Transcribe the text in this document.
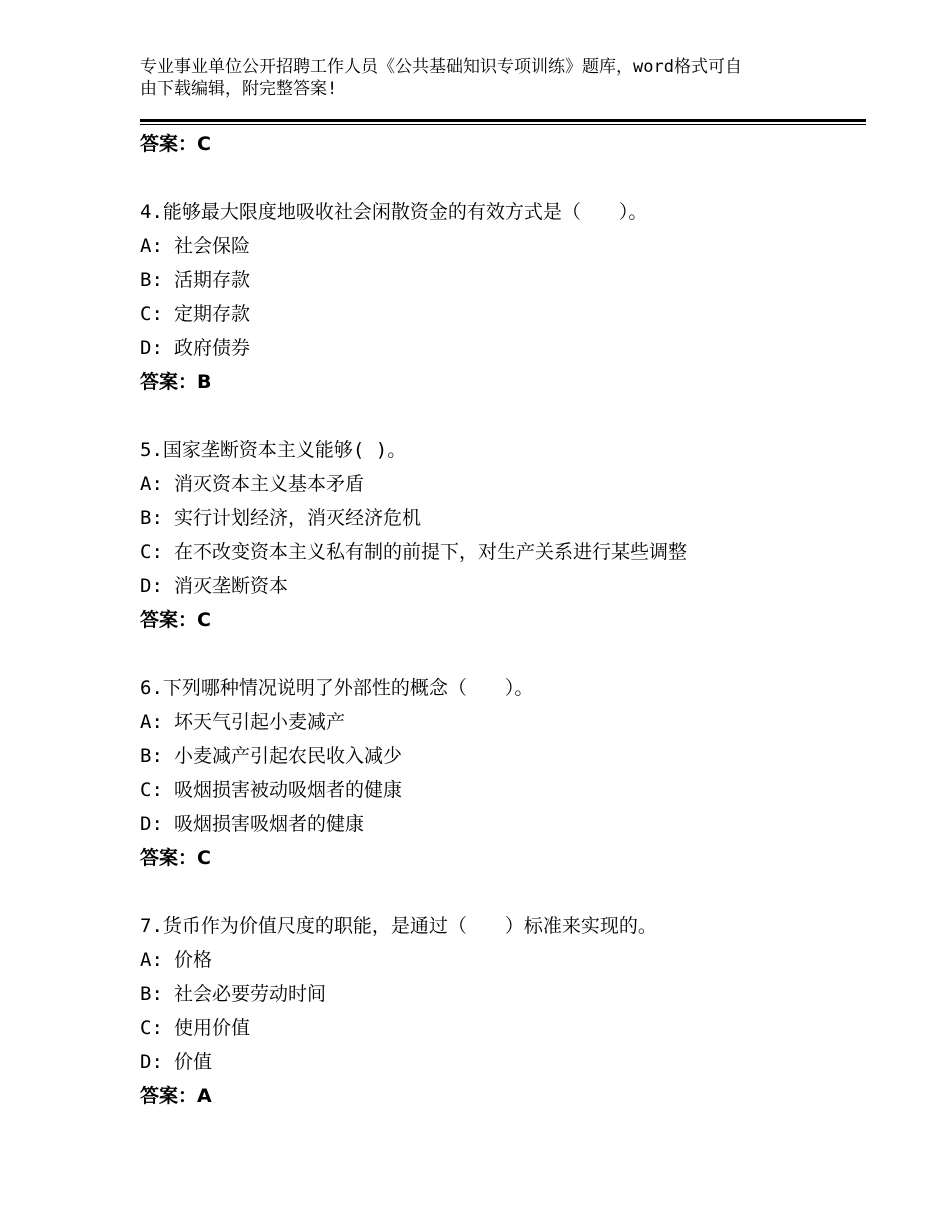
专业事业单位公开招聘工作人员《公共基础知识专项训练》题库，word格式可自
由下载编辑，附完整答案!
答案：C
4.能够最大限度地吸收社会闲散资金的有效方式是（　　）。
A: 社会保险
B: 活期存款
C: 定期存款
D: 政府债券
答案：B
5.国家垄断资本主义能够( )。
A: 消灭资本主义基本矛盾
B: 实行计划经济，消灭经济危机
C: 在不改变资本主义私有制的前提下，对生产关系进行某些调整
D: 消灭垄断资本
答案：C
6.下列哪种情况说明了外部性的概念（　　）。
A: 坏天气引起小麦减产
B: 小麦减产引起农民收入减少
C: 吸烟损害被动吸烟者的健康
D: 吸烟损害吸烟者的健康
答案：C
7.货币作为价值尺度的职能，是通过（　　）标准来实现的。
A: 价格
B: 社会必要劳动时间
C: 使用价值
D: 价值
答案：A
